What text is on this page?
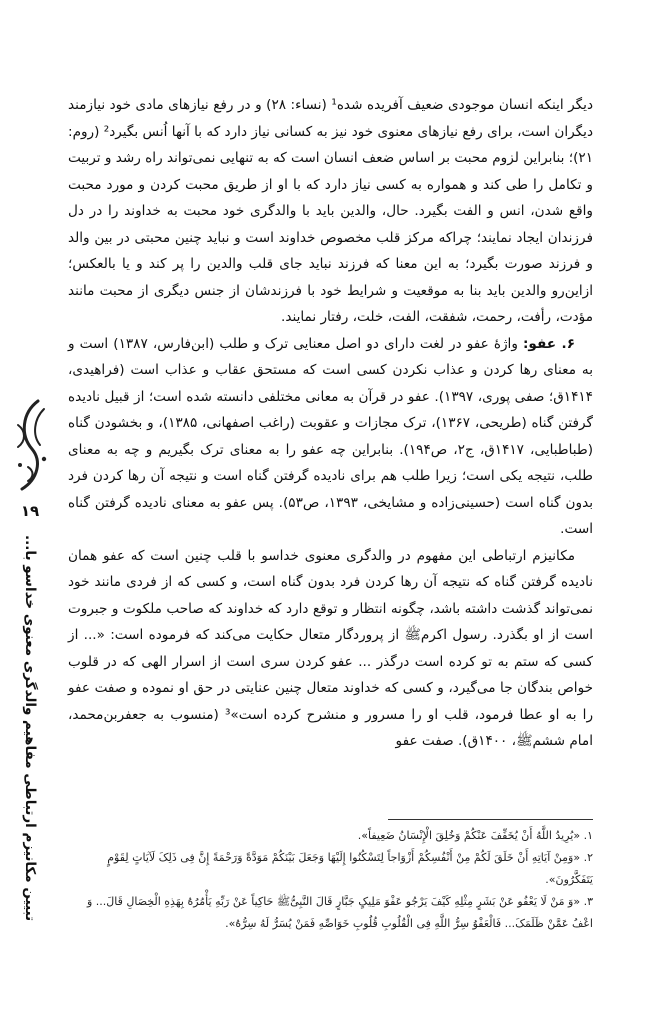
دیگر اینکه انسان موجودی ضعیف آفریده شده¹ (نساء: ۲۸) و در رفع نیازهای مادی خود نیازمند دیگران است، برای رفع نیازهای معنوی خود نیز به کسانی نیاز دارد که با آنها اُنس بگیرد² (روم: ۲۱)؛ بنابراین لزوم محبت بر اساس ضعف انسان است که به تنهایی نمی‌تواند راه رشد و تربیت و تکامل را طی کند و همواره به کسی نیاز دارد که با او از طریق محبت کردن و مورد محبت واقع شدن، انس و الفت بگیرد. حال، والدین باید با والدگری خود محبت به خداوند را در دل فرزندان ایجاد نمایند؛ چراکه مرکز قلب مخصوص خداوند است و نباید چنین محبتی در بین والد و فرزند صورت بگیرد؛ به این معنا که فرزند نباید جای قلب والدین را پر کند و یا بالعکس؛ ازاین‌رو والدین باید بنا به موقعیت و شرایط خود با فرزندشان از جنس دیگری از محبت مانند مؤدت، رأفت، رحمت، شفقت، الفت، خلت، رفتار نمایند.

۶. عفو: واژهٔ عفو در لغت دارای دو اصل معنایی ترک و طلب (ابن‌فارس، ۱۳۸۷) است و به معنای رها کردن و عذاب نکردن کسی است که مستحق عقاب و عذاب است (فراهیدی، ۱۴۱۴ق؛ صفی پوری، ۱۳۹۷). عفو در قرآن به معانی مختلفی دانسته شده است؛ از قبیل نادیده گرفتن گناه (طریحی، ۱۳۶۷)، ترک مجازات و عقوبت (راغب اصفهانی، ۱۳۸۵)، و بخشودن گناه (طباطبایی، ۱۴۱۷ق، ج۲، ص۱۹۴). بنابراین چه عفو را به معنای ترک بگیریم و چه به معنای طلب، نتیجه یکی است؛ زیرا طلب هم برای نادیده گرفتن گناه است و نتیجه آن رها کردن فرد بدون گناه است (حسینی‌زاده و مشایخی، ۱۳۹۳، ص۵۳). پس عفو به معنای نادیده گرفتن گناه است.

مکانیزم ارتباطی این مفهوم در والدگری معنوی خداسو با قلب چنین است که عفو همان نادیده گرفتن گناه که نتیجه آن رها کردن فرد بدون گناه است، و کسی که از فردی مانند خود نمی‌تواند گذشت داشته باشد، چگونه انتظار و توقع دارد که خداوند که صاحب ملکوت و جبروت است از او بگذرد. رسول اکرمﷺ از پروردگار متعال حکایت می‌کند که فرموده است: «... از کسی که ستم به تو کرده است درگذر ... عفو کردن سری است از اسرار الهی که در قلوب خواص بندگان جا می‌گیرد، و کسی که خداوند متعال چنین عنایتی در حق او نموده و صفت عفو را به او عطا فرمود، قلب او را مسرور و منشرح کرده است»³ (منسوب به جعفربن‌محمد، امام ششمﷺ، ۱۴۰۰ق). صفت عفو

۱. «یُرِیدُ اللَّهُ أَنْ یُخَفِّفَ عَنْکُمْ وَخُلِقَ الْإِنْسَانُ ضَعِیفاً».

۲. «وَمِنْ آیَاتِهِ أَنْ خَلَقَ لَکُمْ مِنْ أَنْفُسِکُمْ أَزْوَاجاً لِتَسْکُنُوا إِلَیْهَا وَجَعَلَ بَیْنَکُمْ مَوَدَّةً وَرَحْمَةً إِنَّ فِی ذَلِکَ لَآیَاتٍ لِقَوْمٍ یَتَفَکَّرُونَ».

۳. «وَ مَنْ لَا یَعْفُو عَنْ بَشَرٍ مِثْلِهِ کَیْفَ یَرْجُو عَفْوَ مَلِیکٍ جَبَّارٍ قَالَ النَّبِیُّﷺ حَاکِیاً عَنْ رَبِّهِ یَأْمُرُهُ بِهَذِهِ الْخِصَالِ قَالَ... وَ اعْفُ عَمَّنْ ظَلَمَکَ... فَالْعَفْوُ سِرُّ اللَّهِ فِی الْقُلُوبِ قُلُوبِ خَوَاصِّهِ فَمَنْ یُسَرُّ لَهُ سِرُّهُ».

۱۹
تبیین مکانیزم ارتباطی مفاهیم والدگری معنوی خداسو با...
